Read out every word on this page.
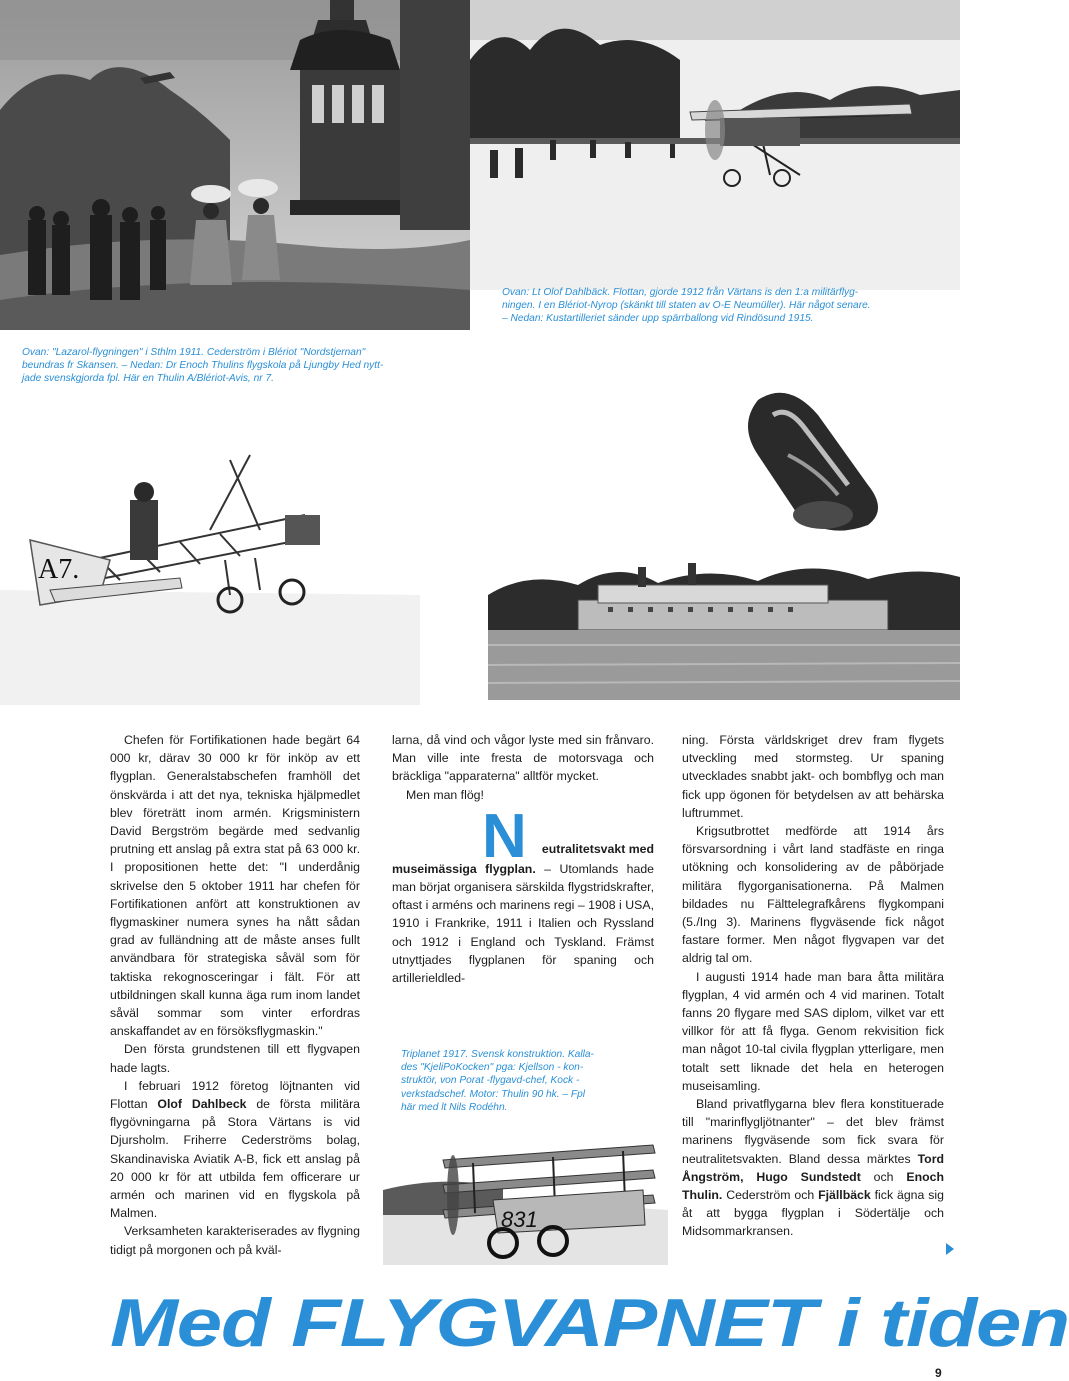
Ovan: Lt Olof Dahlbäck. Flottan, gjorde 1912 från Värtans is den 1:a militärflyg-

ningen. I en Blériot-Nyrop (skänkt till staten av O-E Neumüller). Här något senare.

– Nedan: Kustartilleriet sänder upp spärrballong vid Rindösund 1915.

Ovan: "Lazarol-flygningen" i Sthlm 1911. Cederström i Blériot "Nordstjernan"

beundras fr Skansen. – Nedan: Dr Enoch Thulins flygskola på Ljungby Hed nytt-

jade svenskgjorda fpl. Här en Thulin A/Blériot-Avis, nr 7.

A7.

Chefen för Fortifikationen hade begärt 64 000 kr, därav 30 000 kr för inköp av ett flygplan. Generalstabschefen framhöll det önskvärda i att det nya, tekniska hjälpmedlet blev företrätt inom armén. Krigsministern David Bergström begärde med sedvanlig prutning ett anslag på extra stat på 63 000 kr. I propositionen hette det: "I underdånig skrivelse den 5 oktober 1911 har chefen för Fortifikationen anfört att konstruktionen av flygmaskiner numera synes ha nått sådan grad av fulländning att de måste anses fullt användbara för strategiska såväl som för taktiska rekognosceringar i fält. För att utbildningen skall kunna äga rum inom landet såväl sommar som vinter erfordras anskaffandet av en försöksflygmaskin."

Den första grundstenen till ett flygvapen hade lagts.

I februari 1912 företog löjtnanten vid Flottan Olof Dahlbeck de första militära flygövningarna på Stora Värtans is vid Djursholm. Friherre Cederströms bolag, Skandinaviska Aviatik A-B, fick ett anslag på 20 000 kr för att utbilda fem officerare ur armén och marinen vid en flygskola på Malmen.

Verksamheten karakteriserades av flygning tidigt på morgonen och på kväl-

larna, då vind och vågor lyste med sin frånvaro. Man ville inte fresta de motorsvaga och bräckliga "apparaterna" alltför mycket.

Men man flög!

N	eutralitetsvakt med

museimässiga flygplan. – Utomlands hade man börjat organisera särskilda flygstridskrafter, oftast i arméns och marinens regi – 1908 i USA, 1910 i Frankrike, 1911 i Italien och Ryssland och 1912 i England och Tyskland. Främst utnyttjades flygplanen för spaning och artillerieldled-

Triplanet 1917. Svensk konstruktion. Kalla-

des "KjeliPoKocken" pga: Kjellson - kon-

struktör, von Porat -flygavd-chef, Kock -

verkstadschef. Motor: Thulin 90 hk. – Fpl

här med lt Nils Rodéhn.

831

ning. Första världskriget drev fram flygets utveckling med stormsteg. Ur spaning utvecklades snabbt jakt- och bombflyg och man fick upp ögonen för betydelsen av att behärska luftrummet.

Krigsutbrottet medförde att 1914 års försvarsordning i vårt land stadfäste en ringa utökning och konsolidering av de påbörjade militära flygorganisationerna. På Malmen bildades nu Fälttelegrafkårens flygkompani (5./Ing 3). Marinens flygväsende fick något fastare former. Men något flygvapen var det aldrig tal om.

I augusti 1914 hade man bara åtta militära flygplan, 4 vid armén och 4 vid marinen. Totalt fanns 20 flygare med SAS diplom, vilket var ett villkor för att få flyga. Genom rekvisition fick man något 10-tal civila flygplan ytterligare, men totalt sett liknade det hela en heterogen museisamling.

Bland privatflygarna blev flera konstituerade till "marinflygljötnanter" – det blev främst marinens flygväsende som fick svara för neutralitetsvakten. Bland dessa märktes Tord Ångström, Hugo Sundstedt och Enoch Thulin. Cederström och Fjällbäck fick ägna sig åt att bygga flygplan i Södertälje och Midsommarkransen.

Med FLYGVAPNET i tiden
9
